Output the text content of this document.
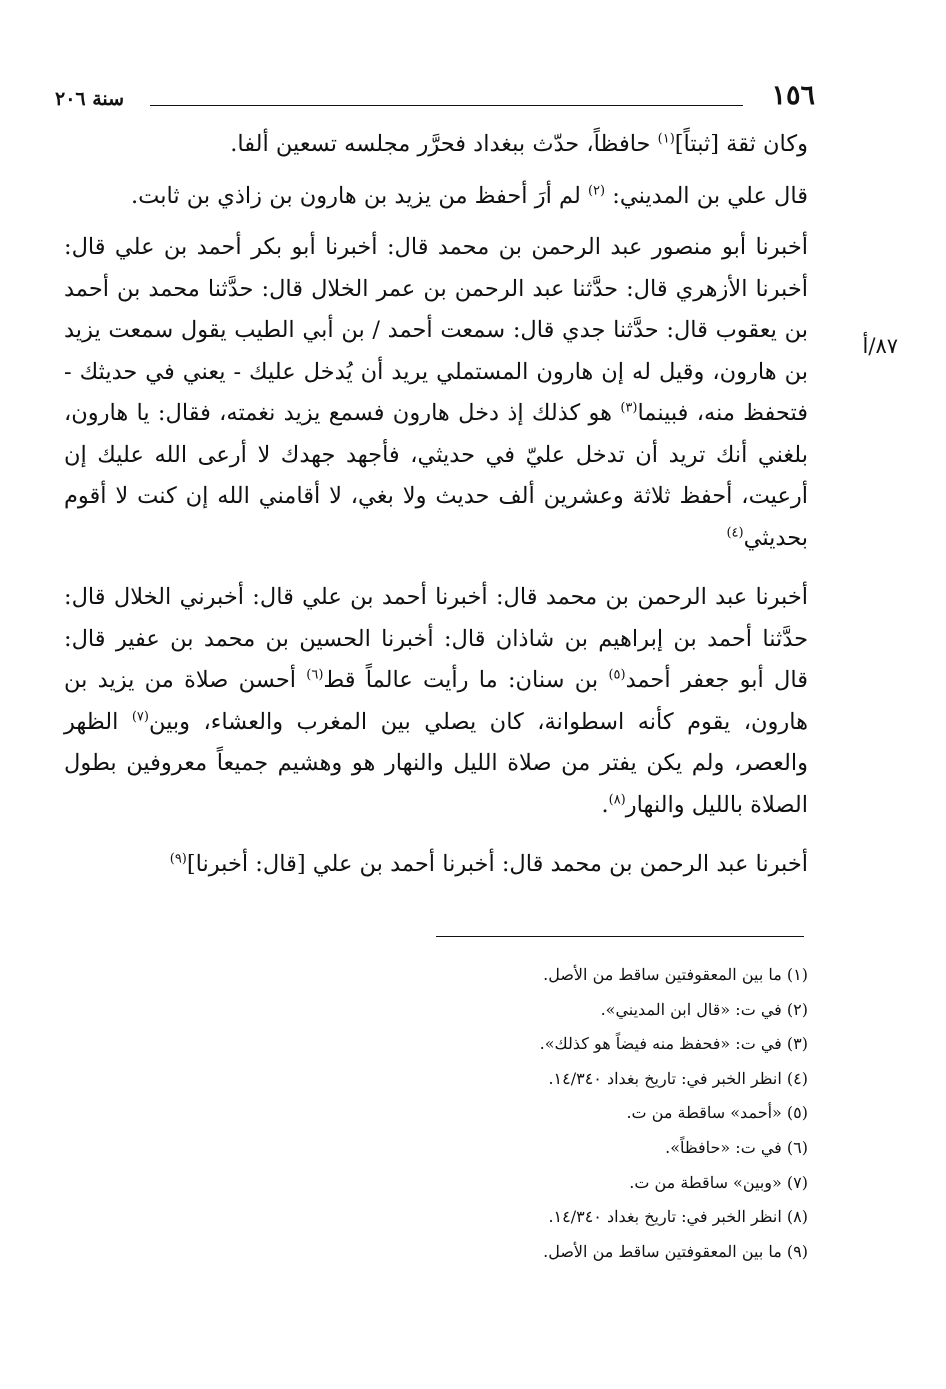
١٥٦
سنة ٢٠٦
٨٧/أ

وكان ثقة [ثبتاً]$^{(١)}$ حافظاً، حدّث ببغداد فحرَّر مجلسه تسعين ألفا.

قال علي بن المديني: $^{(٢)}$ لم أرَ أحفظ من يزيد بن هارون بن زاذي بن ثابت.

أخبرنا أبو منصور عبد الرحمن بن محمد قال: أخبرنا أبو بكر أحمد بن علي قال: أخبرنا الأزهري قال: حدَّثنا عبد الرحمن بن عمر الخلال قال: حدَّثنا محمد بن أحمد بن يعقوب قال: حدَّثنا جدي قال: سمعت أحمد / بن أبي الطيب يقول سمعت يزيد بن هارون، وقيل له إن هارون المستملي يريد أن يُدخل عليك - يعني في حديثك - فتحفظ منه، فبينما$^{(٣)}$ هو كذلك إذ دخل هارون فسمع يزيد نغمته، فقال: يا هارون، بلغني أنك تريد أن تدخل عليّ في حديثي، فأجهد جهدك لا أرعى الله عليك إن أرعيت، أحفظ ثلاثة وعشرين ألف حديث ولا بغي، لا أقامني الله إن كنت لا أقوم بحديثي$^{(٤)}$

أخبرنا عبد الرحمن بن محمد قال: أخبرنا أحمد بن علي قال: أخبرني الخلال قال: حدَّثنا أحمد بن إبراهيم بن شاذان قال: أخبرنا الحسين بن محمد بن عفير قال: قال أبو جعفر أحمد$^{(٥)}$ بن سنان: ما رأيت عالماً قط$^{(٦)}$ أحسن صلاة من يزيد بن هارون، يقوم كأنه اسطوانة، كان يصلي بين المغرب والعشاء، وبين$^{(٧)}$ الظهر والعصر، ولم يكن يفتر من صلاة الليل والنهار هو وهشيم جميعاً معروفين بطول الصلاة بالليل والنهار$^{(٨)}$.

أخبرنا عبد الرحمن بن محمد قال: أخبرنا أحمد بن علي [قال: أخبرنا]$^{(٩)}$

(١) ما بين المعقوفتين ساقط من الأصل.
(٢) في ت: «قال ابن المديني».
(٣) في ت: «فحفظ منه فيضاً هو كذلك».
(٤) انظر الخبر في: تاريخ بغداد ١٤/٣٤٠.
(٥) «أحمد» ساقطة من ت.
(٦) في ت: «حافظاً».
(٧) «وبين» ساقطة من ت.
(٨) انظر الخبر في: تاريخ بغداد ١٤/٣٤٠.
(٩) ما بين المعقوفتين ساقط من الأصل.
